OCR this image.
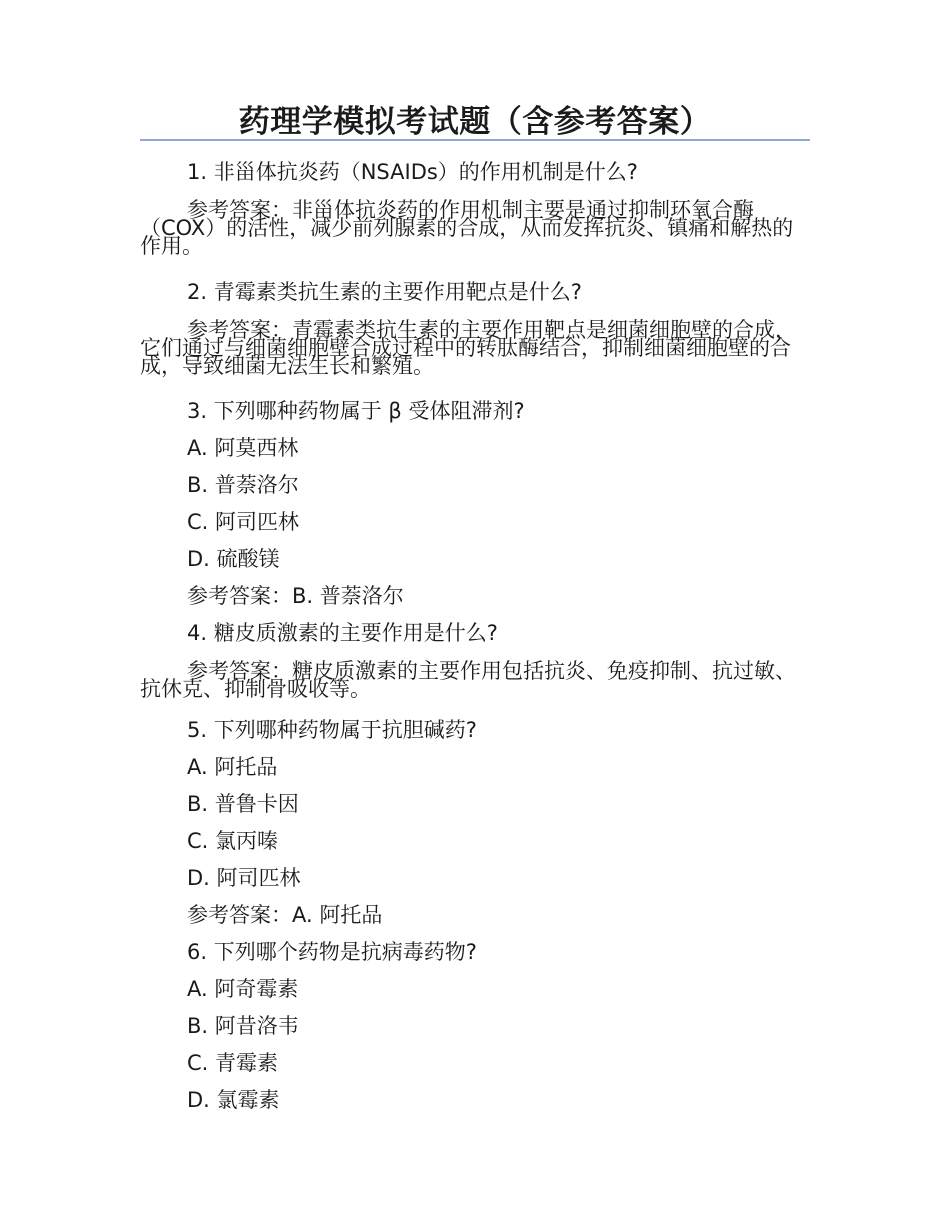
药理学模拟考试题（含参考答案）
1. 非甾体抗炎药（NSAIDs）的作用机制是什么?
参考答案：非甾体抗炎药的作用机制主要是通过抑制环氧合酶（COX）的活性，减少前列腺素的合成，从而发挥抗炎、镇痛和解热的作用。
2. 青霉素类抗生素的主要作用靶点是什么?
参考答案：青霉素类抗生素的主要作用靶点是细菌细胞壁的合成，它们通过与细菌细胞壁合成过程中的转肽酶结合，抑制细菌细胞壁的合成，导致细菌无法生长和繁殖。
3. 下列哪种药物属于 β 受体阻滞剂?
A. 阿莫西林
B. 普萘洛尔
C. 阿司匹林
D. 硫酸镁
参考答案：B. 普萘洛尔
4. 糖皮质激素的主要作用是什么?
参考答案：糖皮质激素的主要作用包括抗炎、免疫抑制、抗过敏、抗休克、抑制骨吸收等。
5. 下列哪种药物属于抗胆碱药?
A. 阿托品
B. 普鲁卡因
C. 氯丙嗪
D. 阿司匹林
参考答案：A. 阿托品
6. 下列哪个药物是抗病毒药物?
A. 阿奇霉素
B. 阿昔洛韦
C. 青霉素
D. 氯霉素
